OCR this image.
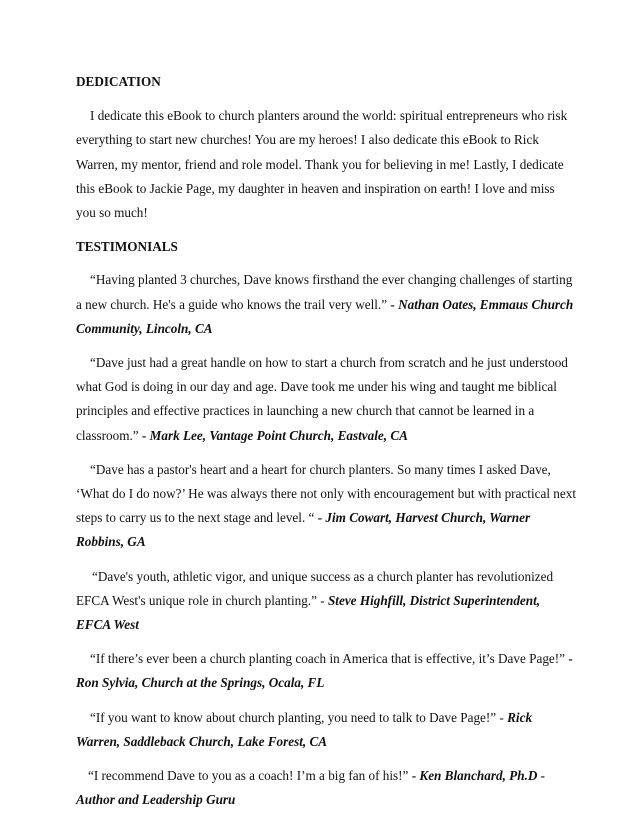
DEDICATION

I dedicate this eBook to church planters around the world: spiritual entrepreneurs who risk everything to start new churches! You are my heroes! I also dedicate this eBook to Rick Warren, my mentor, friend and role model. Thank you for believing in me! Lastly, I dedicate this eBook to Jackie Page, my daughter in heaven and inspiration on earth! I love and miss you so much!

TESTIMONIALS

“Having planted 3 churches, Dave knows firsthand the ever changing challenges of starting a new church. He's a guide who knows the trail very well.” - Nathan Oates, Emmaus Church Community, Lincoln, CA

“Dave just had a great handle on how to start a church from scratch and he just understood what God is doing in our day and age. Dave took me under his wing and taught me biblical principles and effective practices in launching a new church that cannot be learned in a classroom.” - Mark Lee, Vantage Point Church, Eastvale, CA

“Dave has a pastor's heart and a heart for church planters. So many times I asked Dave, ‘What do I do now?’ He was always there not only with encouragement but with practical next steps to carry us to the next stage and level. “ - Jim Cowart, Harvest Church, Warner Robbins, GA

“Dave's youth, athletic vigor, and unique success as a church planter has revolutionized EFCA West's unique role in church planting.” - Steve Highfill, District Superintendent, EFCA West

“If there’s ever been a church planting coach in America that is effective, it’s Dave Page!” - Ron Sylvia, Church at the Springs, Ocala, FL

“If you want to know about church planting, you need to talk to Dave Page!” - Rick Warren, Saddleback Church, Lake Forest, CA

“I recommend Dave to you as a coach! I’m a big fan of his!” - Ken Blanchard, Ph.D - Author and Leadership Guru
